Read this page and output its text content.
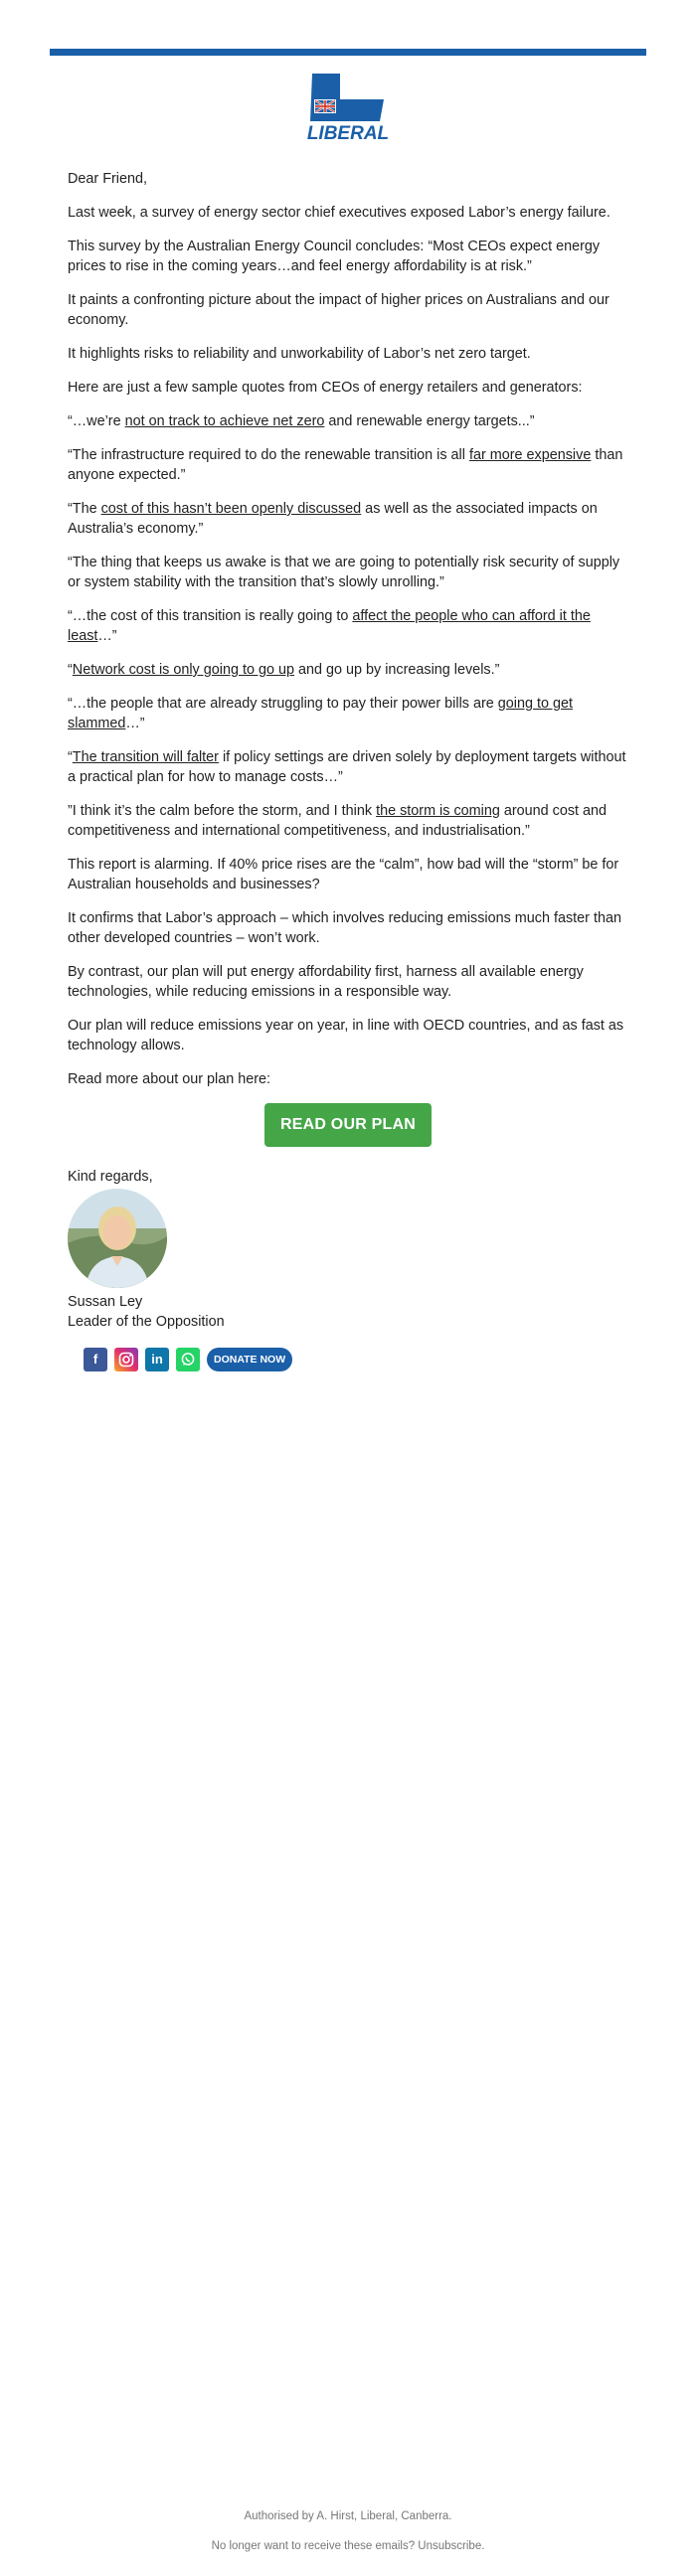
LIBERAL

Dear Friend,

Last week, a survey of energy sector chief executives exposed Labor’s energy failure.

This survey by the Australian Energy Council concludes: “Most CEOs expect energy prices to rise in the coming years…and feel energy affordability is at risk.”

It paints a confronting picture about the impact of higher prices on Australians and our economy.

It highlights risks to reliability and unworkability of Labor’s net zero target.

Here are just a few sample quotes from CEOs of energy retailers and generators:

“…we’re not on track to achieve net zero and renewable energy targets...”

“The infrastructure required to do the renewable transition is all far more expensive than anyone expected.”

“The cost of this hasn’t been openly discussed as well as the associated impacts on Australia’s economy.”

“The thing that keeps us awake is that we are going to potentially risk security of supply or system stability with the transition that’s slowly unrolling.”

“…the cost of this transition is really going to affect the people who can afford it the least…”

“Network cost is only going to go up and go up by increasing levels.”

“…the people that are already struggling to pay their power bills are going to get slammed…”

“The transition will falter if policy settings are driven solely by deployment targets without a practical plan for how to manage costs…”

”I think it’s the calm before the storm, and I think the storm is coming around cost and competitiveness and international competitiveness, and industrialisation.”

This report is alarming. If 40% price rises are the “calm”, how bad will the “storm” be for Australian households and businesses?

It confirms that Labor’s approach – which involves reducing emissions much faster than other developed countries – won’t work.

By contrast, our plan will put energy affordability first, harness all available energy technologies, while reducing emissions in a responsible way.

Our plan will reduce emissions year on year, in line with OECD countries, and as fast as technology allows.

Read more about our plan here:

READ OUR PLAN

Kind regards,

Sussan Ley

Leader of the Opposition

f	in	DONATE NOW
Authorised by A. Hirst, Liberal, Canberra.
No longer want to receive these emails? Unsubscribe.
